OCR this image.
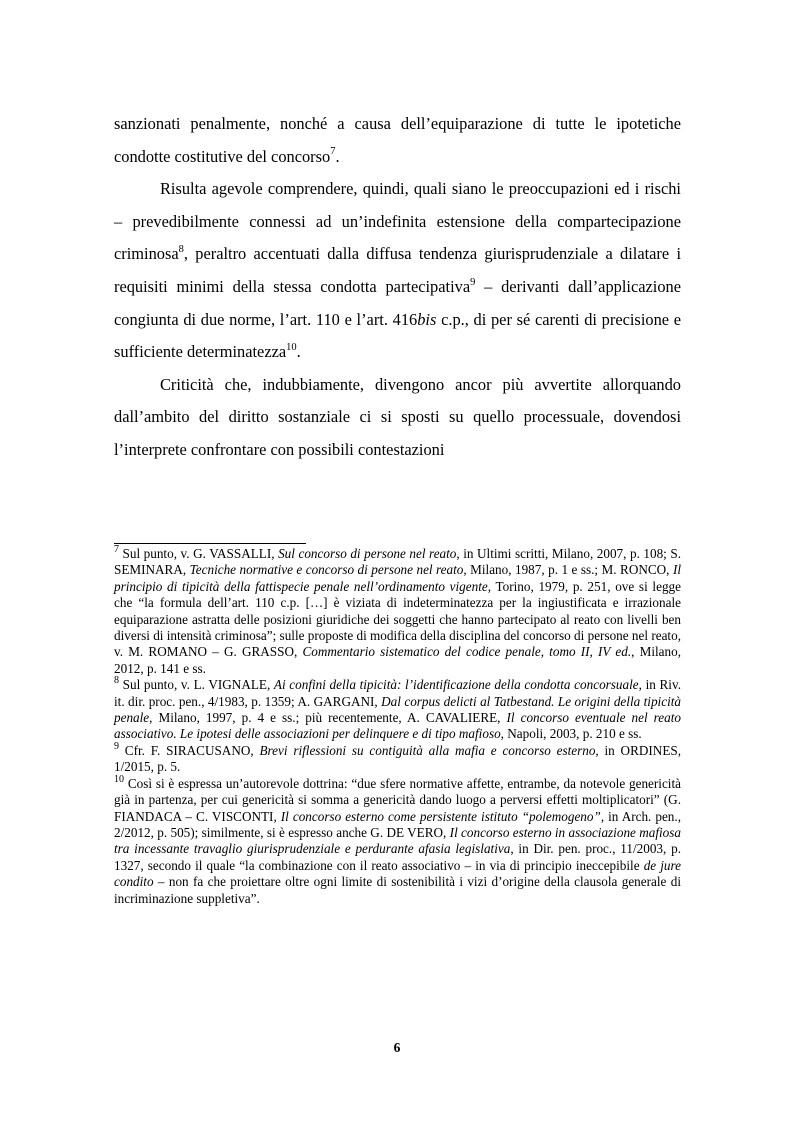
sanzionati penalmente, nonché a causa dell’equiparazione di tutte le ipotetiche condotte costitutive del concorso$^7$.

Risulta agevole comprendere, quindi, quali siano le preoccupazioni ed i rischi – prevedibilmente connessi ad un’indefinita estensione della compartecipazione criminosa$^8$, peraltro accentuati dalla diffusa tendenza giurisprudenziale a dilatare i requisiti minimi della stessa condotta partecipativa$^9$ – derivanti dall’applicazione congiunta di due norme, l’art. 110 e l’art. 416bis c.p., di per sé carenti di precisione e sufficiente determinatezza$^{10}$.

Criticità che, indubbiamente, divengono ancor più avvertite allorquando dall’ambito del diritto sostanziale ci si sposti su quello processuale, dovendosi l’interprete confrontare con possibili contestazioni

$^7$ Sul punto, v. G. VASSALLI, Sul concorso di persone nel reato, in Ultimi scritti, Milano, 2007, p. 108; S. SEMINARA, Tecniche normative e concorso di persone nel reato, Milano, 1987, p. 1 e ss.; M. RONCO, Il principio di tipicità della fattispecie penale nell’ordinamento vigente, Torino, 1979, p. 251, ove si legge che “la formula dell’art. 110 c.p. […] è viziata di indeterminatezza per la ingiustificata e irrazionale equiparazione astratta delle posizioni giuridiche dei soggetti che hanno partecipato al reato con livelli ben diversi di intensità criminosa”; sulle proposte di modifica della disciplina del concorso di persone nel reato, v. M. ROMANO – G. GRASSO, Commentario sistematico del codice penale, tomo II, IV ed., Milano, 2012, p. 141 e ss.

$^8$ Sul punto, v. L. VIGNALE, Ai confini della tipicità: l’identificazione della condotta concorsuale, in Riv. it. dir. proc. pen., 4/1983, p. 1359; A. GARGANI, Dal corpus delicti al Tatbestand. Le origini della tipicità penale, Milano, 1997, p. 4 e ss.; più recentemente, A. CAVALIERE, Il concorso eventuale nel reato associativo. Le ipotesi delle associazioni per delinquere e di tipo mafioso, Napoli, 2003, p. 210 e ss.

$^9$ Cfr. F. SIRACUSANO, Brevi riflessioni su contiguità alla mafia e concorso esterno, in ORDINES, 1/2015, p. 5.

$^{10}$ Così si è espressa un’autorevole dottrina: “due sfere normative affette, entrambe, da notevole genericità già in partenza, per cui genericità si somma a genericità dando luogo a perversi effetti moltiplicatori” (G. FIANDACA – C. VISCONTI, Il concorso esterno come persistente istituto “polemogeno”, in Arch. pen., 2/2012, p. 505); similmente, si è espresso anche G. DE VERO, Il concorso esterno in associazione mafiosa tra incessante travaglio giurisprudenziale e perdurante afasia legislativa, in Dir. pen. proc., 11/2003, p. 1327, secondo il quale “la combinazione con il reato associativo – in via di principio ineccepibile de jure condito – non fa che proiettare oltre ogni limite di sostenibilità i vizi d’origine della clausola generale di incriminazione suppletiva”.

6
